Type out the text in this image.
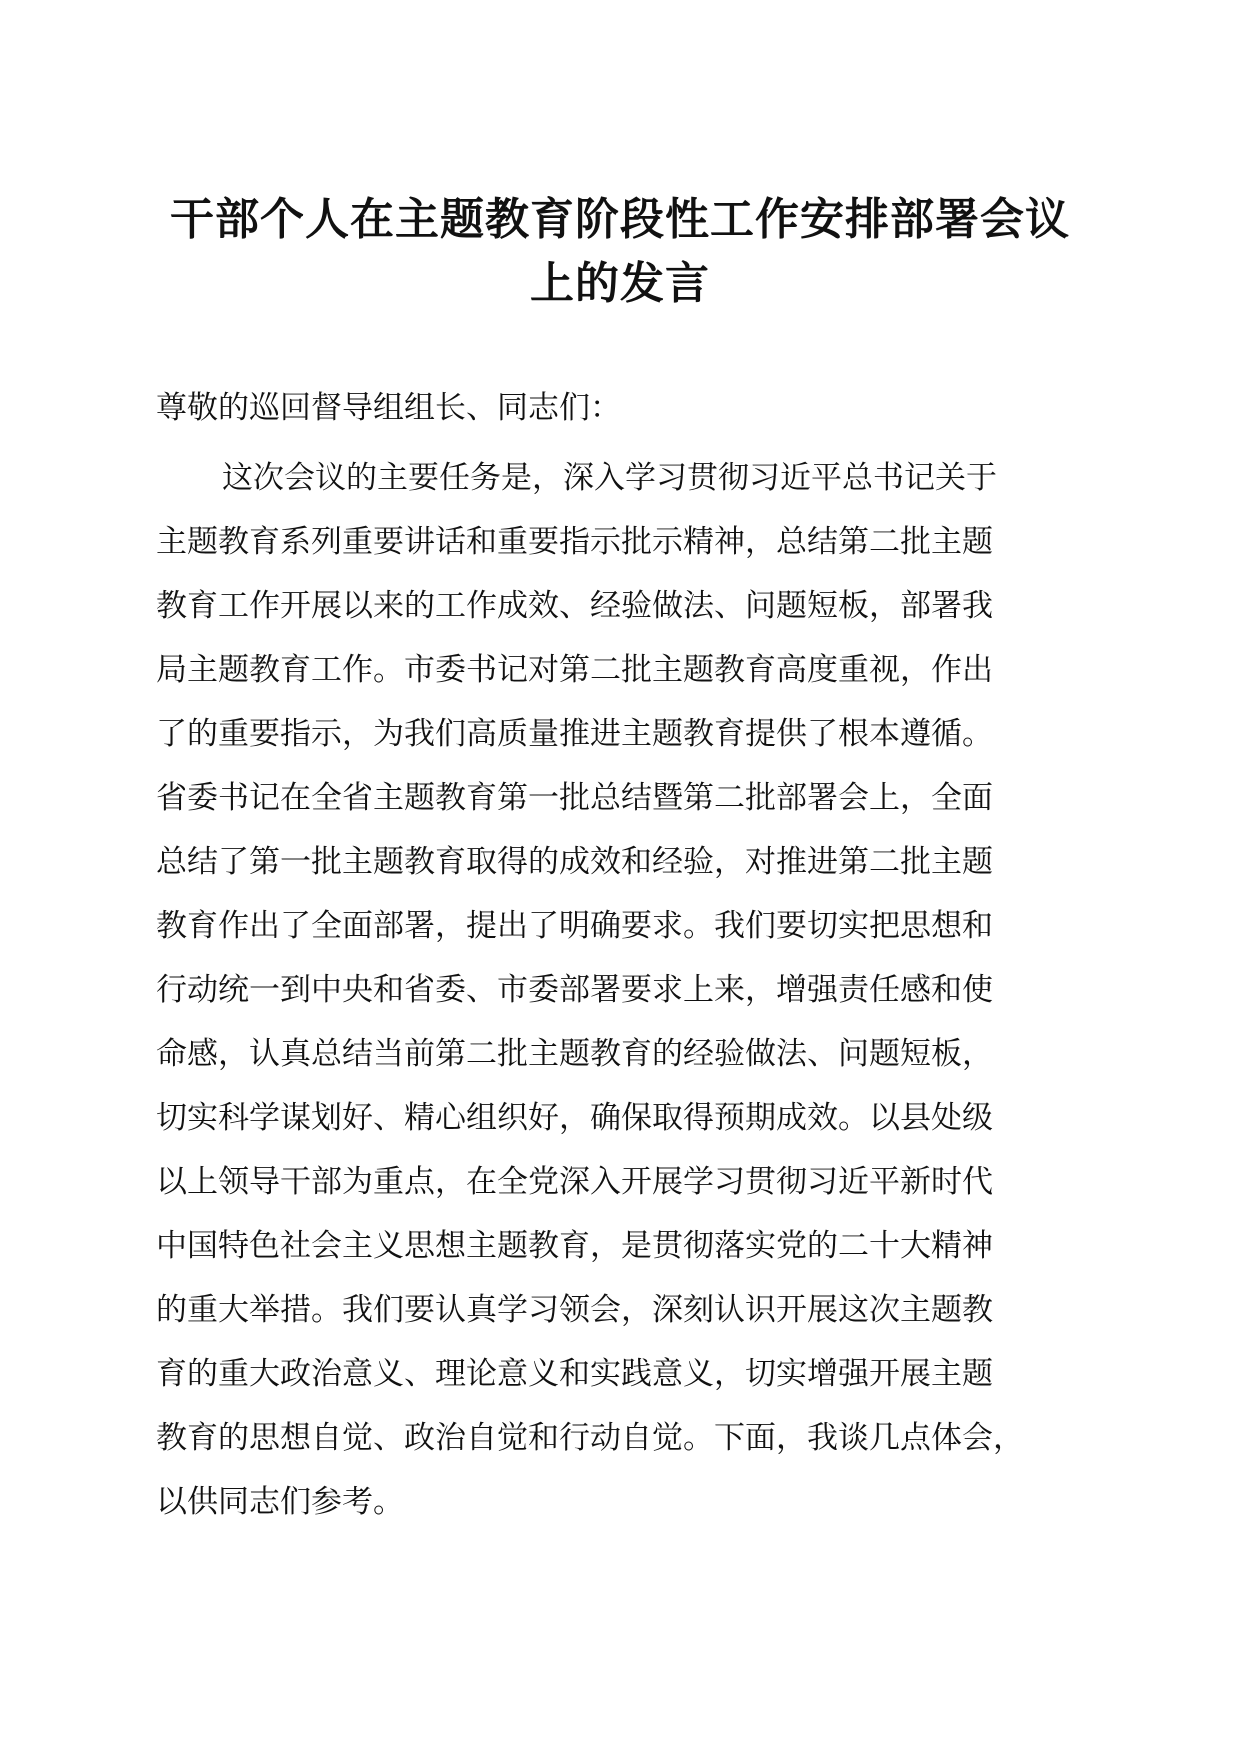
干部个人在主题教育阶段性工作安排部署会议
上的发言

尊敬的巡回督导组组长、同志们：

这次会议的主要任务是，深入学习贯彻习近平总书记关于
主题教育系列重要讲话和重要指示批示精神，总结第二批主题
教育工作开展以来的工作成效、经验做法、问题短板，部署我
局主题教育工作。市委书记对第二批主题教育高度重视，作出
了的重要指示，为我们高质量推进主题教育提供了根本遵循。
省委书记在全省主题教育第一批总结暨第二批部署会上，全面
总结了第一批主题教育取得的成效和经验，对推进第二批主题
教育作出了全面部署，提出了明确要求。我们要切实把思想和
行动统一到中央和省委、市委部署要求上来，增强责任感和使
命感，认真总结当前第二批主题教育的经验做法、问题短板，
切实科学谋划好、精心组织好，确保取得预期成效。以县处级
以上领导干部为重点，在全党深入开展学习贯彻习近平新时代
中国特色社会主义思想主题教育，是贯彻落实党的二十大精神
的重大举措。我们要认真学习领会，深刻认识开展这次主题教
育的重大政治意义、理论意义和实践意义，切实增强开展主题
教育的思想自觉、政治自觉和行动自觉。下面，我谈几点体会，
以供同志们参考。
